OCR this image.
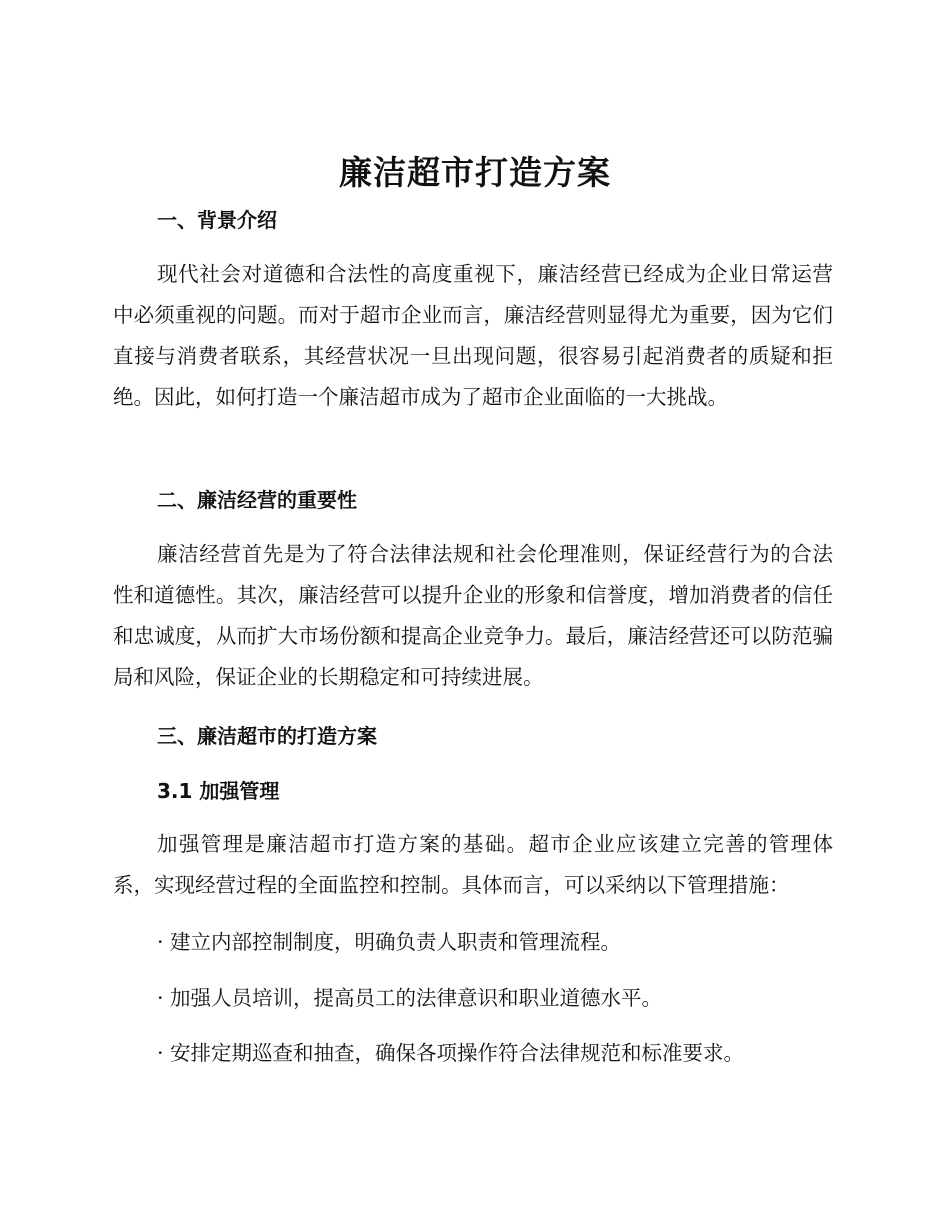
廉洁超市打造方案
一、背景介绍

现代社会对道德和合法性的高度重视下，廉洁经营已经成为企业日常运营中必须重视的问题。而对于超市企业而言，廉洁经营则显得尤为重要，因为它们直接与消费者联系，其经营状况一旦出现问题，很容易引起消费者的质疑和拒绝。因此，如何打造一个廉洁超市成为了超市企业面临的一大挑战。

二、廉洁经营的重要性

廉洁经营首先是为了符合法律法规和社会伦理准则，保证经营行为的合法性和道德性。其次，廉洁经营可以提升企业的形象和信誉度，增加消费者的信任和忠诚度，从而扩大市场份额和提高企业竞争力。最后，廉洁经营还可以防范骗局和风险，保证企业的长期稳定和可持续进展。

三、廉洁超市的打造方案
3.1 加强管理

加强管理是廉洁超市打造方案的基础。超市企业应该建立完善的管理体系，实现经营过程的全面监控和控制。具体而言，可以采纳以下管理措施：

· 建立内部控制制度，明确负责人职责和管理流程。
· 加强人员培训，提高员工的法律意识和职业道德水平。
· 安排定期巡查和抽查，确保各项操作符合法律规范和标准要求。
